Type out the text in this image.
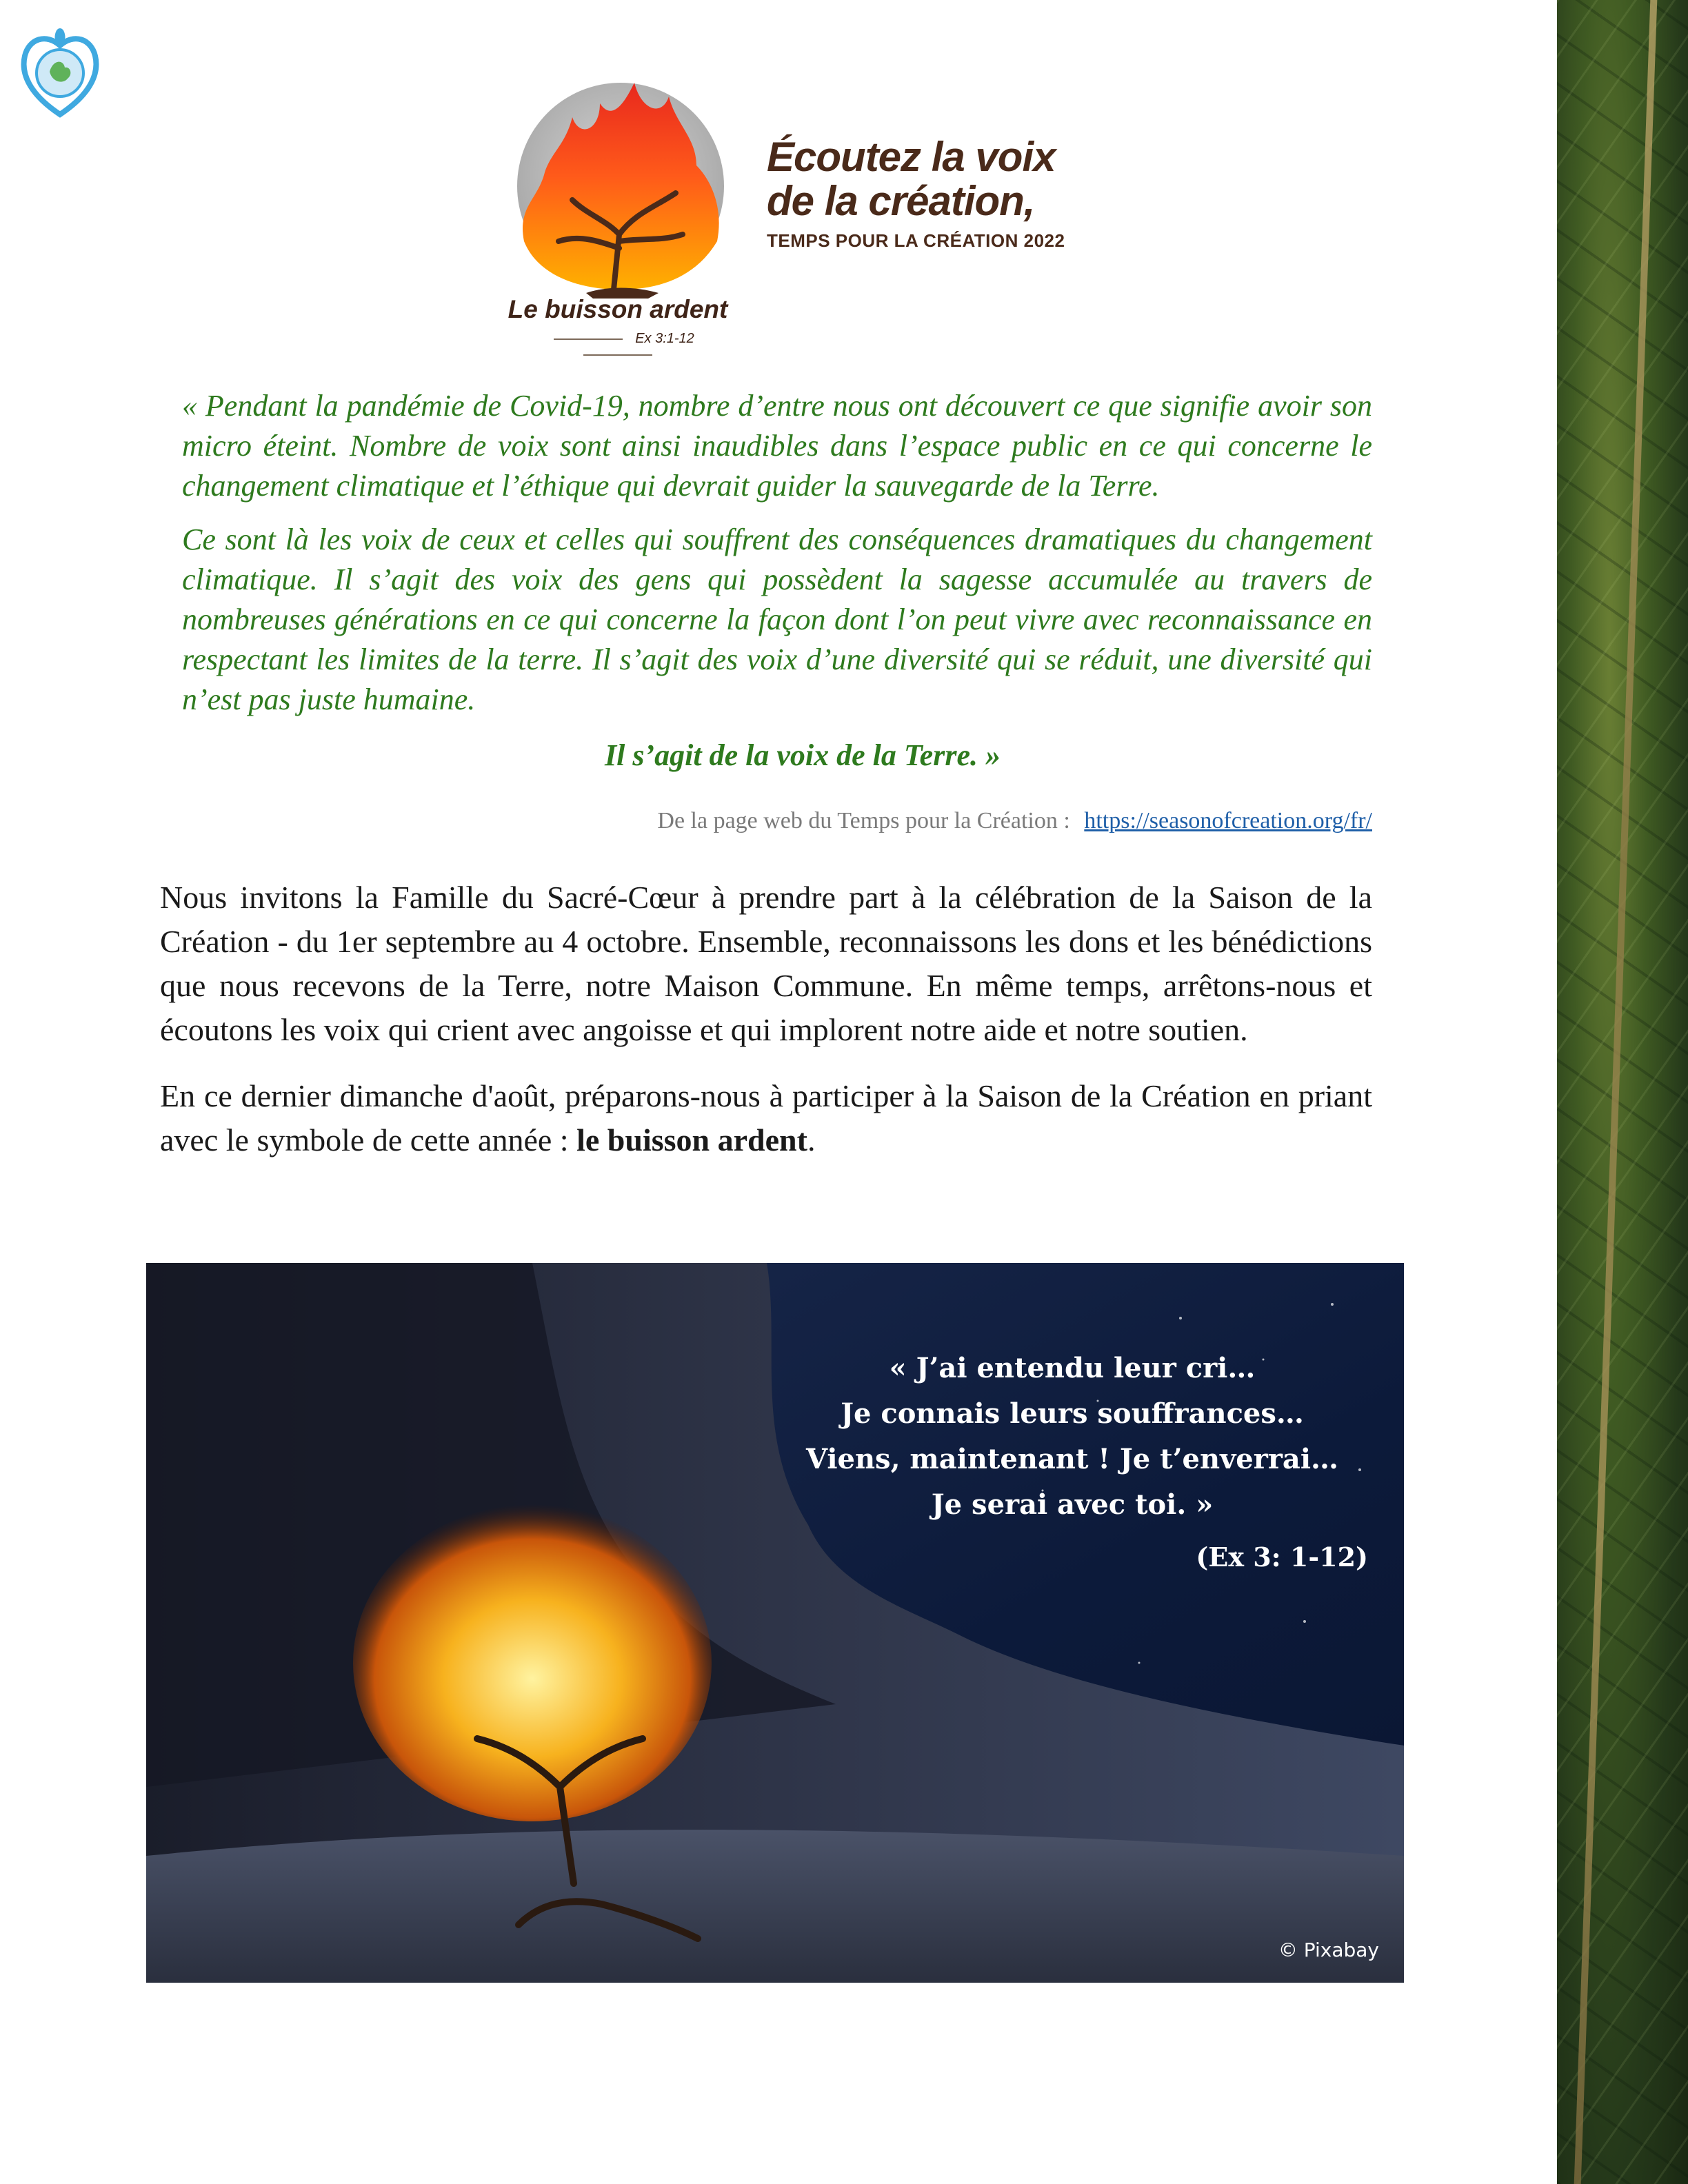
Écoutez la voix
de la création,
TEMPS POUR LA CRÉATION 2022
Le buisson ardent
Ex 3:1-12

« Pendant la pandémie de Covid-19, nombre d’entre nous ont découvert ce que signifie avoir son micro éteint. Nombre de voix sont ainsi inaudibles dans l’espace public en ce qui concerne le changement climatique et l’éthique qui devrait guider la sauvegarde de la Terre.

Ce sont là les voix de ceux et celles qui souffrent des conséquences dramatiques du changement climatique. Il s’agit des voix des gens qui possèdent la sagesse accumulée au travers de nombreuses générations en ce qui concerne la façon dont l’on peut vivre avec reconnaissance en respectant les limites de la terre. Il s’agit des voix d’une diversité qui se réduit, une diversité qui n’est pas juste humaine.

Il s’agit de la voix de la Terre. »
De la page web du Temps pour la Création : https://seasonofcreation.org/fr/

Nous invitons la Famille du Sacré-Cœur à prendre part à la célébration de la Saison de la Création - du 1er septembre au 4 octobre. Ensemble, reconnaissons les dons et les bénédictions que nous recevons de la Terre, notre Maison Commune. En même temps, arrêtons-nous et écoutons les voix qui crient avec angoisse et qui implorent notre aide et notre soutien.

En ce dernier dimanche d'août, préparons-nous à participer à la Saison de la Création en priant avec le symbole de cette année : le buisson ardent.

« J’ai entendu leur cri…
Je connais leurs souffrances…
Viens, maintenant ! Je t’enverrai…
Je serai avec toi. »
(Ex 3: 1-12)
© Pixabay
